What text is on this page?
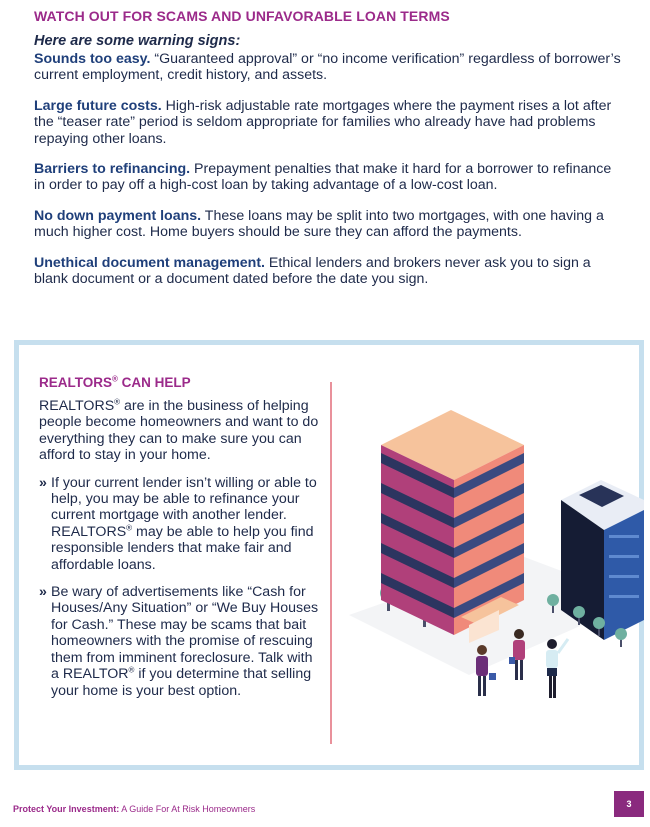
WATCH OUT FOR SCAMS AND UNFAVORABLE LOAN TERMS
Here are some warning signs:

Sounds too easy. “Guaranteed approval” or “no income verification” regardless of borrower’s current employment, credit history, and assets.

Large future costs. High-risk adjustable rate mortgages where the payment rises a lot after the “teaser rate” period is seldom appropriate for families who already have had problems repaying other loans.

Barriers to refinancing. Prepayment penalties that make it hard for a borrower to refinance in order to pay off a high-cost loan by taking advantage of a low-cost loan.

No down payment loans. These loans may be split into two mortgages, with one having a much higher cost. Home buyers should be sure they can afford the payments.

Unethical document management. Ethical lenders and brokers never ask you to sign a blank document or a document dated before the date you sign.

REALTORS® CAN HELP

REALTORS® are in the business of helping people become homeowners and want to do everything they can to make sure you can afford to stay in your home.

» If your current lender isn’t willing or able to help, you may be able to refinance your current mortgage with another lender. REALTORS® may be able to help you find responsible lenders that make fair and affordable loans.
» Be wary of advertisements like “Cash for Houses/Any Situation” or “We Buy Houses for Cash.” These may be scams that bait homeowners with the promise of rescuing them from imminent foreclosure. Talk with a REALTOR® if you determine that selling your home is your best option.
Protect Your Investment: A Guide For At Risk Homeowners	3
